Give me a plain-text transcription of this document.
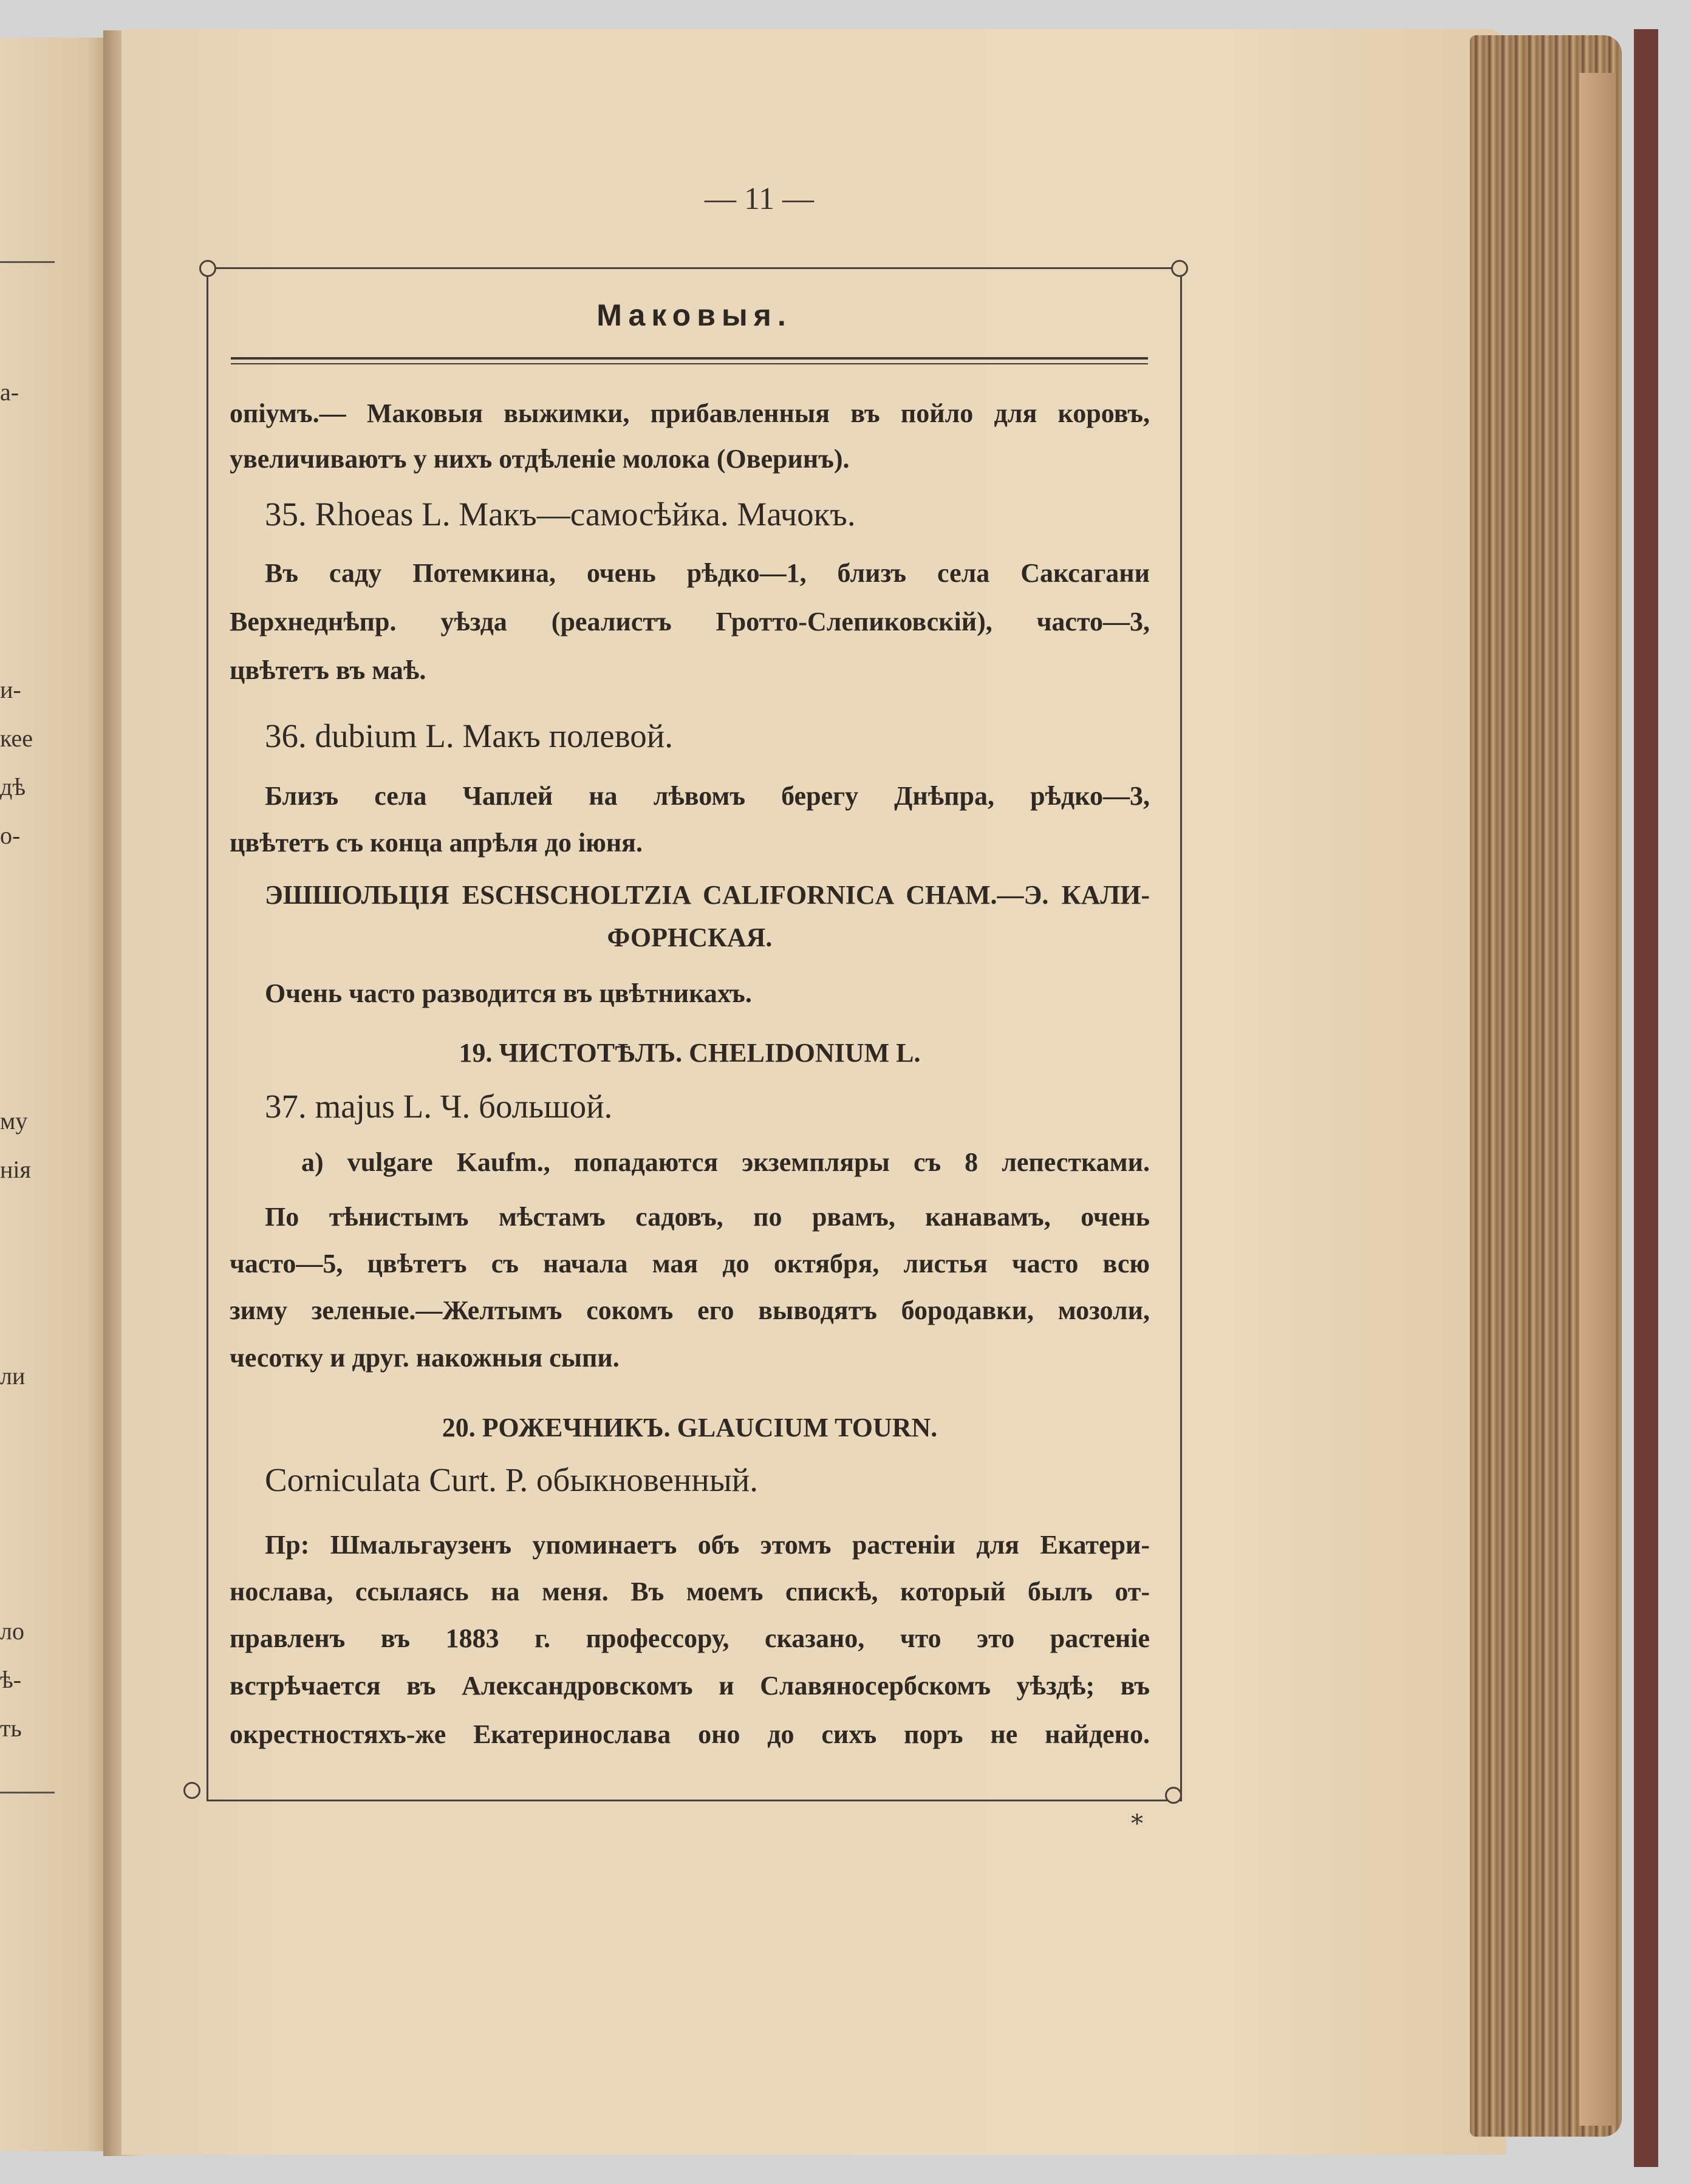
а-
и-
кее
дѣ
о-
му
нія
ли
ло
ѣ-
ть
— 11 —
Маковыя.
опіумъ.— Маковыя выжимки, прибавленныя въ пойло для коровъ,
увеличиваютъ у нихъ отдѣленіе молока (Оверинъ).
35. Rhoeas L. Макъ—самосѣйка. Мачокъ.
Въ саду Потемкина, очень рѣдко—1, близъ села Саксагани
Верхнеднѣпр. уѣзда (реалистъ Гротто-Слепиковскій), часто—3,
цвѣтетъ въ маѣ.
36. dubium L. Макъ полевой.
Близъ села Чаплей на лѣвомъ берегу Днѣпра, рѣдко—3,
цвѣтетъ съ конца апрѣля до іюня.
ЭШШОЛЬЦІЯ ESCHSCHOLTZIA CALIFORNICA CHAM.—Э. КАЛИ-
ФОРНСКАЯ.
Очень часто разводится въ цвѣтникахъ.
19. ЧИСТОТѢЛЪ. CHELIDONIUM L.
37. majus L. Ч. большой.
а) vulgare Kaufm., попадаются экземпляры съ 8 лепестками.
По тѣнистымъ мѣстамъ садовъ, по рвамъ, канавамъ, очень
часто—5, цвѣтетъ съ начала мая до октября, листья часто всю
зиму зеленые.—Желтымъ сокомъ его выводятъ бородавки, мозоли,
чесотку и друг. накожныя сыпи.
20. РОЖЕЧНИКЪ. GLAUCIUM TOURN.
Corniculata Curt. Р. обыкновенный.
Пр: Шмальгаузенъ упоминаетъ объ этомъ растеніи для Екатери-
нослава, ссылаясь на меня. Въ моемъ спискѣ, который былъ от-
правленъ въ 1883 г. профессору, сказано, что это растеніе
встрѣчается въ Александровскомъ и Славяносербскомъ уѣздѣ; въ
окрестностяхъ-же Екатеринослава оно до сихъ поръ не найдено.
*
